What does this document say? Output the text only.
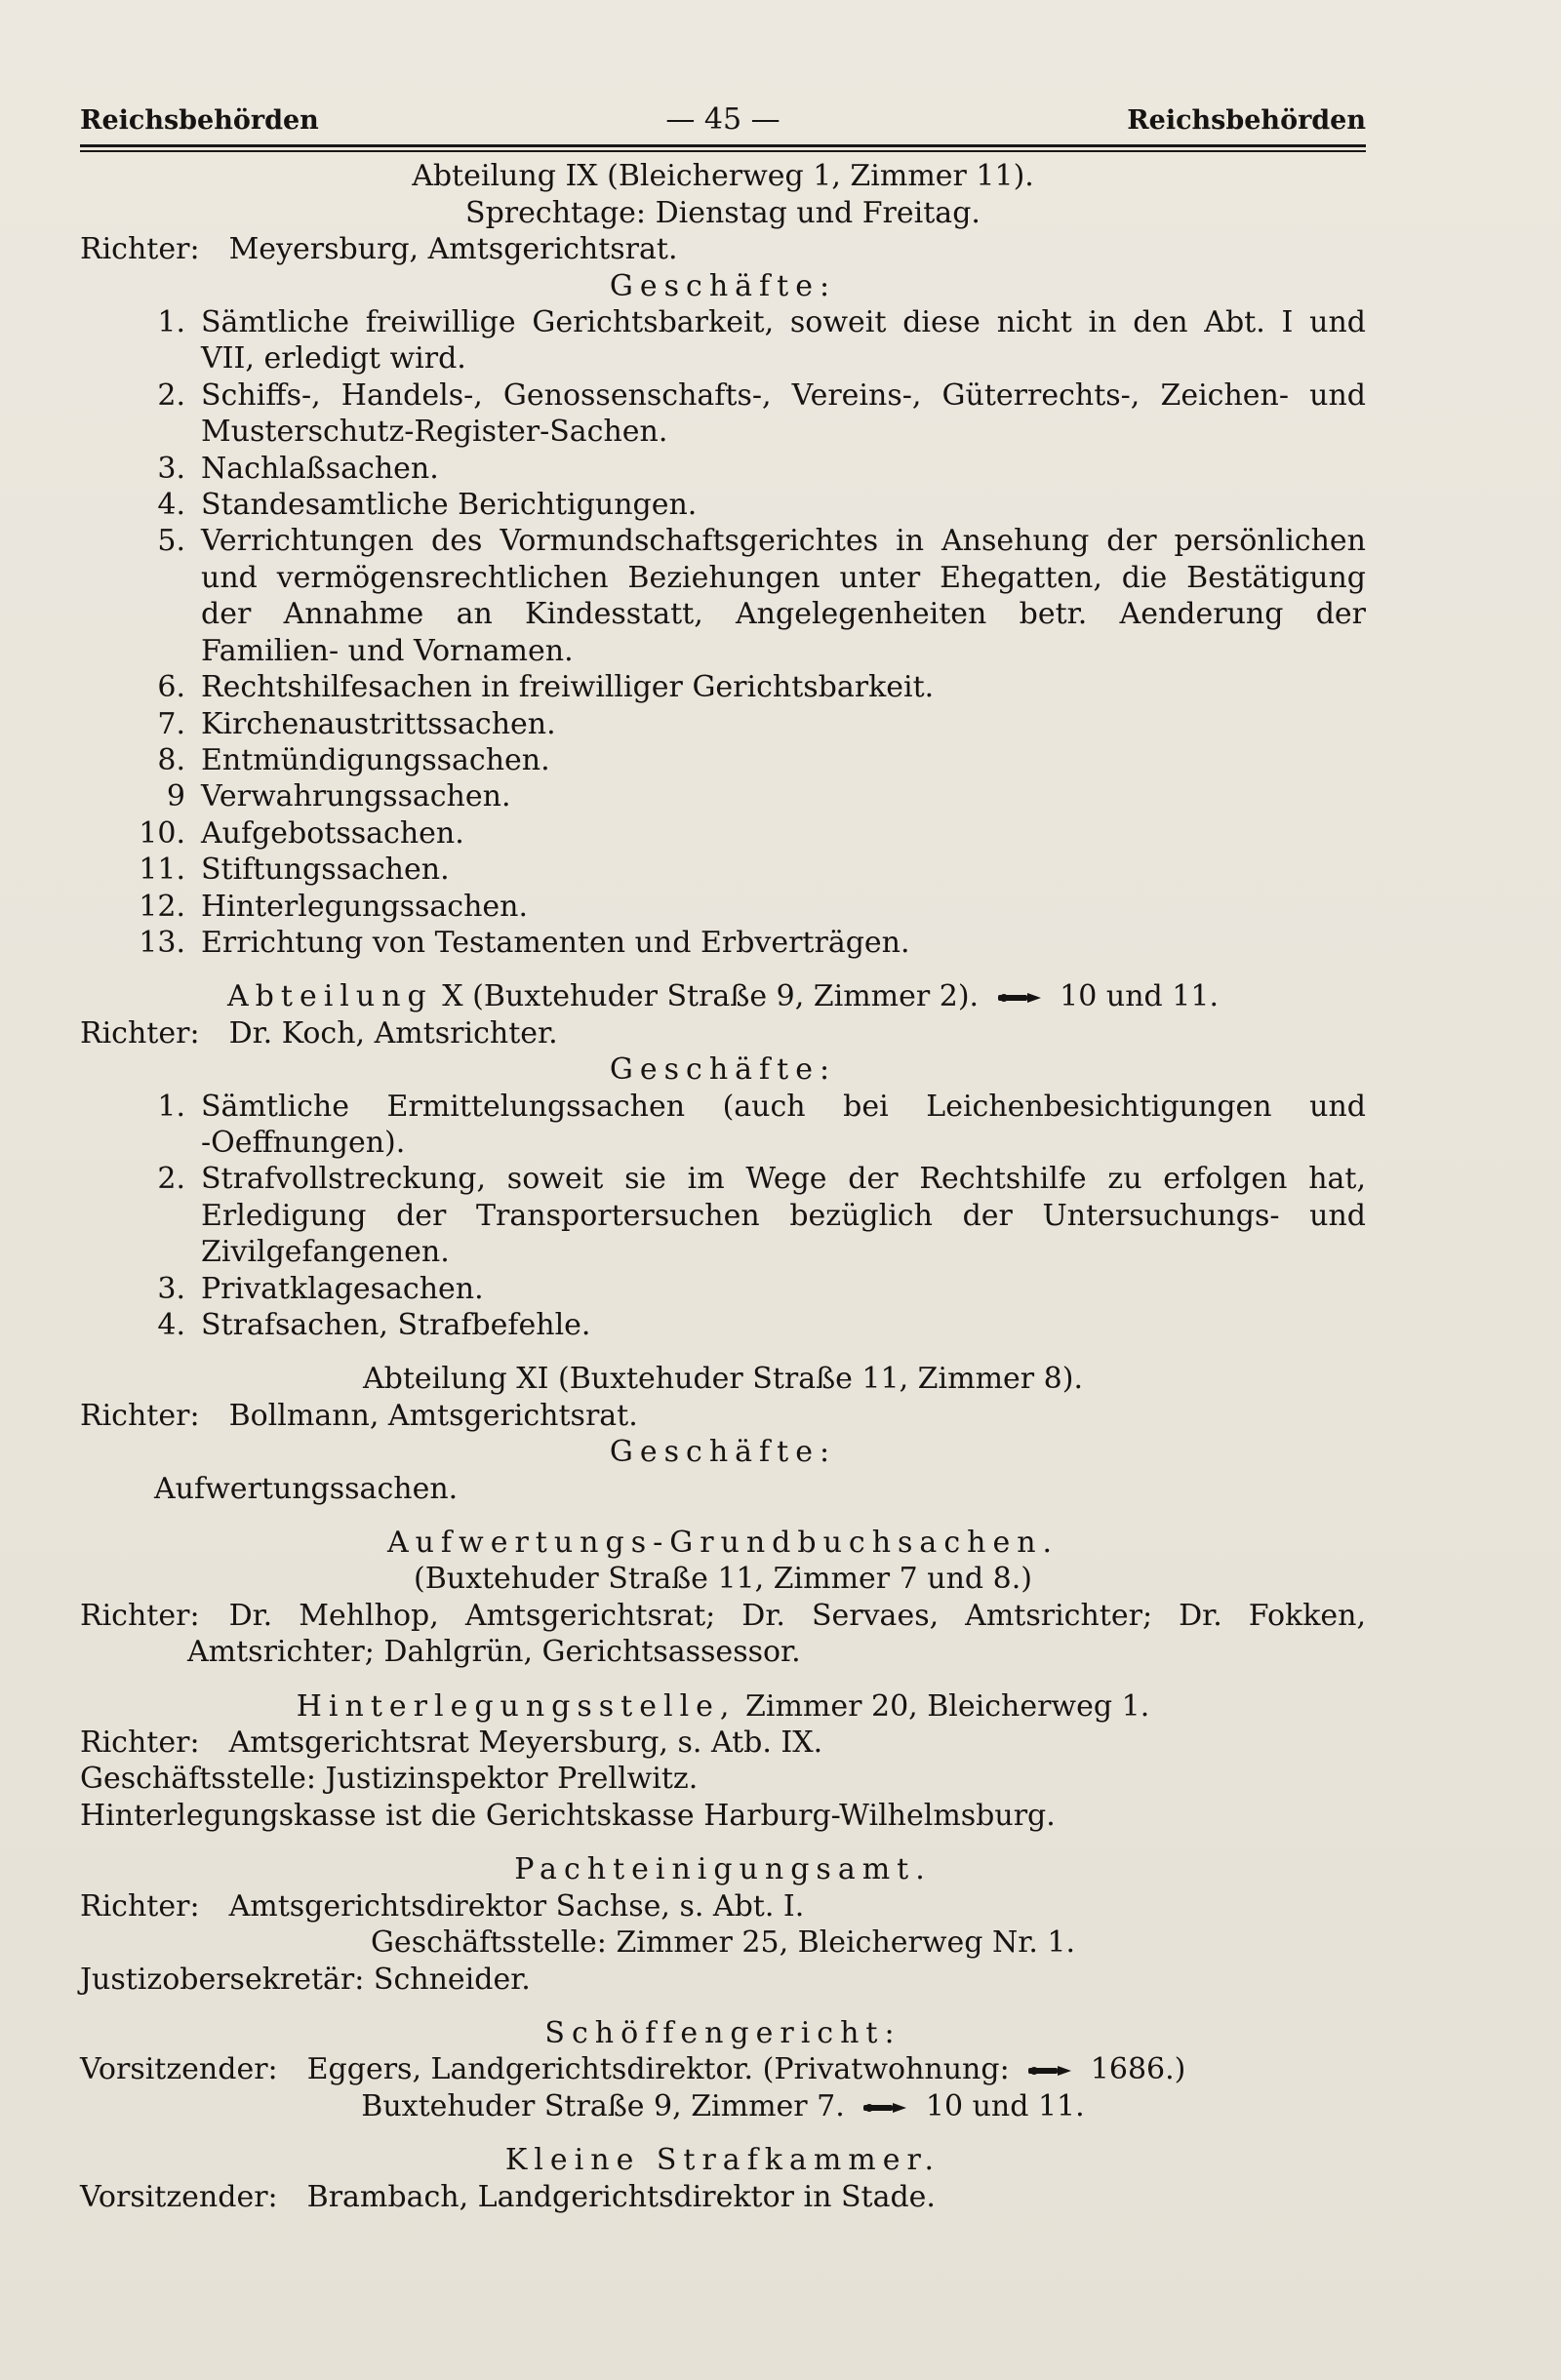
Reichsbehörden	— 45 —	Reichsbehörden
Abteilung IX (Bleicherweg 1, Zimmer 11).
Sprechtage: Dienstag und Freitag.
Richter:	Meyersburg, Amtsgerichtsrat.
Geschäfte:
1. Sämtliche freiwillige Gerichtsbarkeit, soweit diese nicht in den Abt. I und
VII, erledigt wird.
2. Schiffs-, Handels-, Genossenschafts-, Vereins-, Güterrechts-, Zeichen- und
Musterschutz-Register-Sachen.
3. Nachlaßsachen.
4. Standesamtliche Berichtigungen.
5. Verrichtungen des Vormundschaftsgerichtes in Ansehung der persönlichen
und vermögensrechtlichen Beziehungen unter Ehegatten, die Bestätigung
der Annahme an Kindesstatt, Angelegenheiten betr. Aenderung der
Familien- und Vornamen.
6. Rechtshilfesachen in freiwilliger Gerichtsbarkeit.
7. Kirchenaustrittssachen.
8. Entmündigungssachen.
9 Verwahrungssachen.
10. Aufgebotssachen.
11. Stiftungssachen.
12. Hinterlegungssachen.
13. Errichtung von Testamenten und Erbverträgen.
Abteilung X (Buxtehuder Straße 9, Zimmer 2).	10 und 11.
Richter:	Dr. Koch, Amtsrichter.
Geschäfte:
1. Sämtliche Ermittelungssachen (auch bei Leichenbesichtigungen und
-Oeffnungen).
2. Strafvollstreckung, soweit sie im Wege der Rechtshilfe zu erfolgen hat,
Erledigung der Transportersuchen bezüglich der Untersuchungs- und
Zivilgefangenen.
3. Privatklagesachen.
4. Strafsachen, Strafbefehle.
Abteilung XI (Buxtehuder Straße 11, Zimmer 8).
Richter:	Bollmann, Amtsgerichtsrat.
Geschäfte:
Aufwertungssachen.
Aufwertungs-Grundbuchsachen.
(Buxtehuder Straße 11, Zimmer 7 und 8.)
Richter:	Dr. Mehlhop, Amtsgerichtsrat; Dr. Servaes, Amtsrichter; Dr. Fokken,
Amtsrichter; Dahlgrün, Gerichtsassessor.
Hinterlegungsstelle, Zimmer 20, Bleicherweg 1.
Richter:	Amtsgerichtsrat Meyersburg, s. Atb. IX.
Geschäftsstelle: Justizinspektor Prellwitz.
Hinterlegungskasse ist die Gerichtskasse Harburg-Wilhelmsburg.
Pachteinigungsamt.
Richter:	Amtsgerichtsdirektor Sachse, s. Abt. I.
Geschäftsstelle: Zimmer 25, Bleicherweg Nr. 1.
Justizobersekretär: Schneider.
Schöffengericht:
Vorsitzender:	Eggers, Landgerichtsdirektor. (Privatwohnung:	1686.)
Buxtehuder Straße 9, Zimmer 7.	10 und 11.
Kleine Strafkammer.
Vorsitzender:	Brambach, Landgerichtsdirektor in Stade.
